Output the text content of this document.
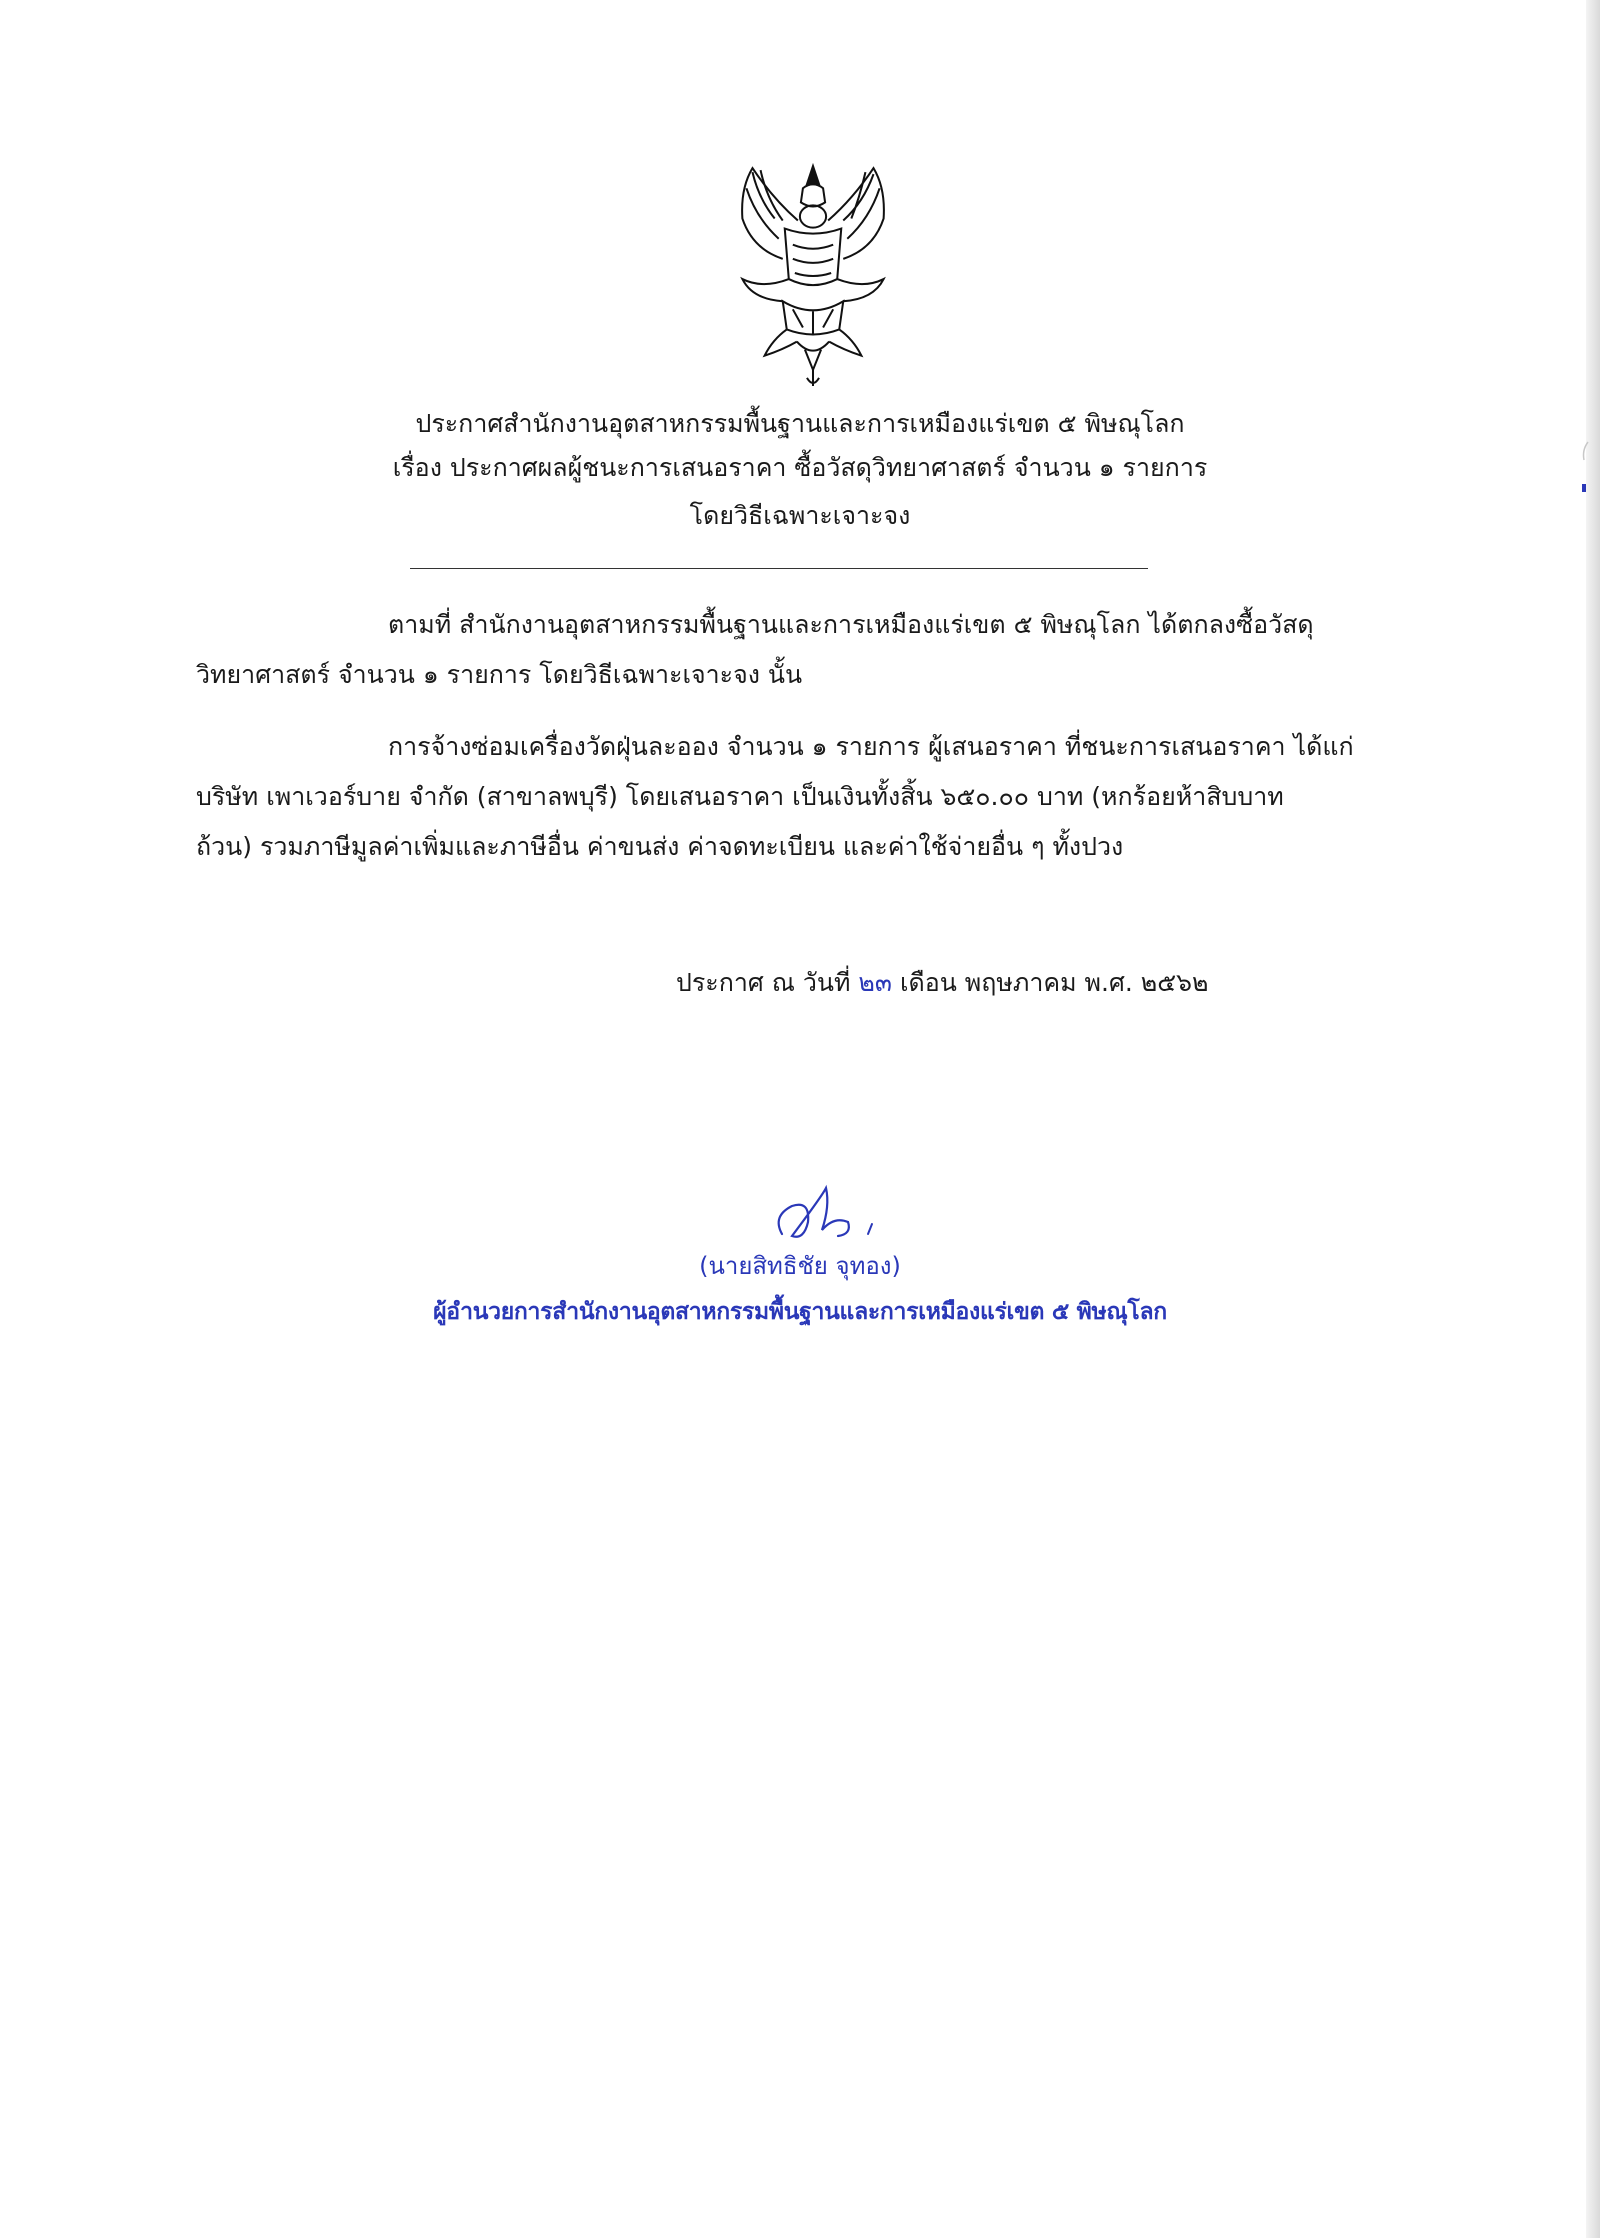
ประกาศสำนักงานอุตสาหกรรมพื้นฐานและการเหมืองแร่เขต ๕ พิษณุโลก
เรื่อง ประกาศผลผู้ชนะการเสนอราคา ซื้อวัสดุวิทยาศาสตร์ จำนวน ๑ รายการ
โดยวิธีเฉพาะเจาะจง
ตามที่ สำนักงานอุตสาหกรรมพื้นฐานและการเหมืองแร่เขต ๕ พิษณุโลก ได้ตกลงซื้อวัสดุ
วิทยาศาสตร์ จำนวน ๑ รายการ โดยวิธีเฉพาะเจาะจง นั้น
การจ้างซ่อมเครื่องวัดฝุ่นละออง จำนวน ๑ รายการ ผู้เสนอราคา ที่ชนะการเสนอราคา ได้แก่
บริษัท เพาเวอร์บาย จำกัด (สาขาลพบุรี) โดยเสนอราคา เป็นเงินทั้งสิ้น ๖๕๐.๐๐ บาท (หกร้อยห้าสิบบาท
ถ้วน) รวมภาษีมูลค่าเพิ่มและภาษีอื่น ค่าขนส่ง ค่าจดทะเบียน และค่าใช้จ่ายอื่น ๆ ทั้งปวง
ประกาศ ณ วันที่ ๒๓ เดือน พฤษภาคม พ.ศ. ๒๕๖๒
(นายสิทธิชัย จุทอง)
ผู้อำนวยการสำนักงานอุตสาหกรรมพื้นฐานและการเหมืองแร่เขต ๕ พิษณุโลก
